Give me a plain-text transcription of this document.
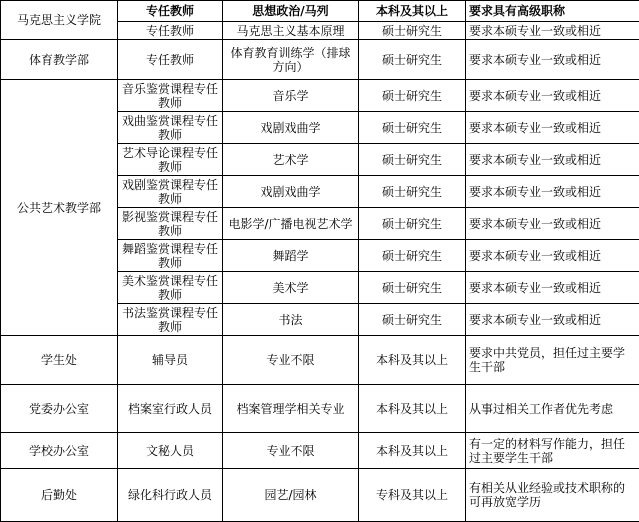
马克思主义学院	专任教师	思想政治/马列	本科及其以上	要求具有高级职称
	专任教师	马克思主义基本原理	硕士研究生	要求本硕专业一致或相近
体育教学部	专任教师	体育教育训练学（排球方向）	硕士研究生	要求本硕专业一致或相近
公共艺术教学部	音乐鉴赏课程专任教师	音乐学	硕士研究生	要求本硕专业一致或相近
	戏曲鉴赏课程专任教师	戏剧戏曲学	硕士研究生	要求本硕专业一致或相近
	艺术导论课程专任教师	艺术学	硕士研究生	要求本硕专业一致或相近
	戏剧鉴赏课程专任教师	戏剧戏曲学	硕士研究生	要求本硕专业一致或相近
	影视鉴赏课程专任教师	电影学/广播电视艺术学	硕士研究生	要求本硕专业一致或相近
	舞蹈鉴赏课程专任教师	舞蹈学	硕士研究生	要求本硕专业一致或相近
	美术鉴赏课程专任教师	美术学	硕士研究生	要求本硕专业一致或相近
	书法鉴赏课程专任教师	书法	硕士研究生	要求本硕专业一致或相近
学生处	辅导员	专业不限	本科及其以上	要求中共党员，担任过主要学生干部
党委办公室	档案室行政人员	档案管理学相关专业	本科及其以上	从事过相关工作者优先考虑
学校办公室	文秘人员	专业不限	本科及其以上	有一定的材料写作能力，担任过主要学生干部
后勤处	绿化科行政人员	园艺/园林	专科及其以上	有相关从业经验或技术职称的可再放宽学历
